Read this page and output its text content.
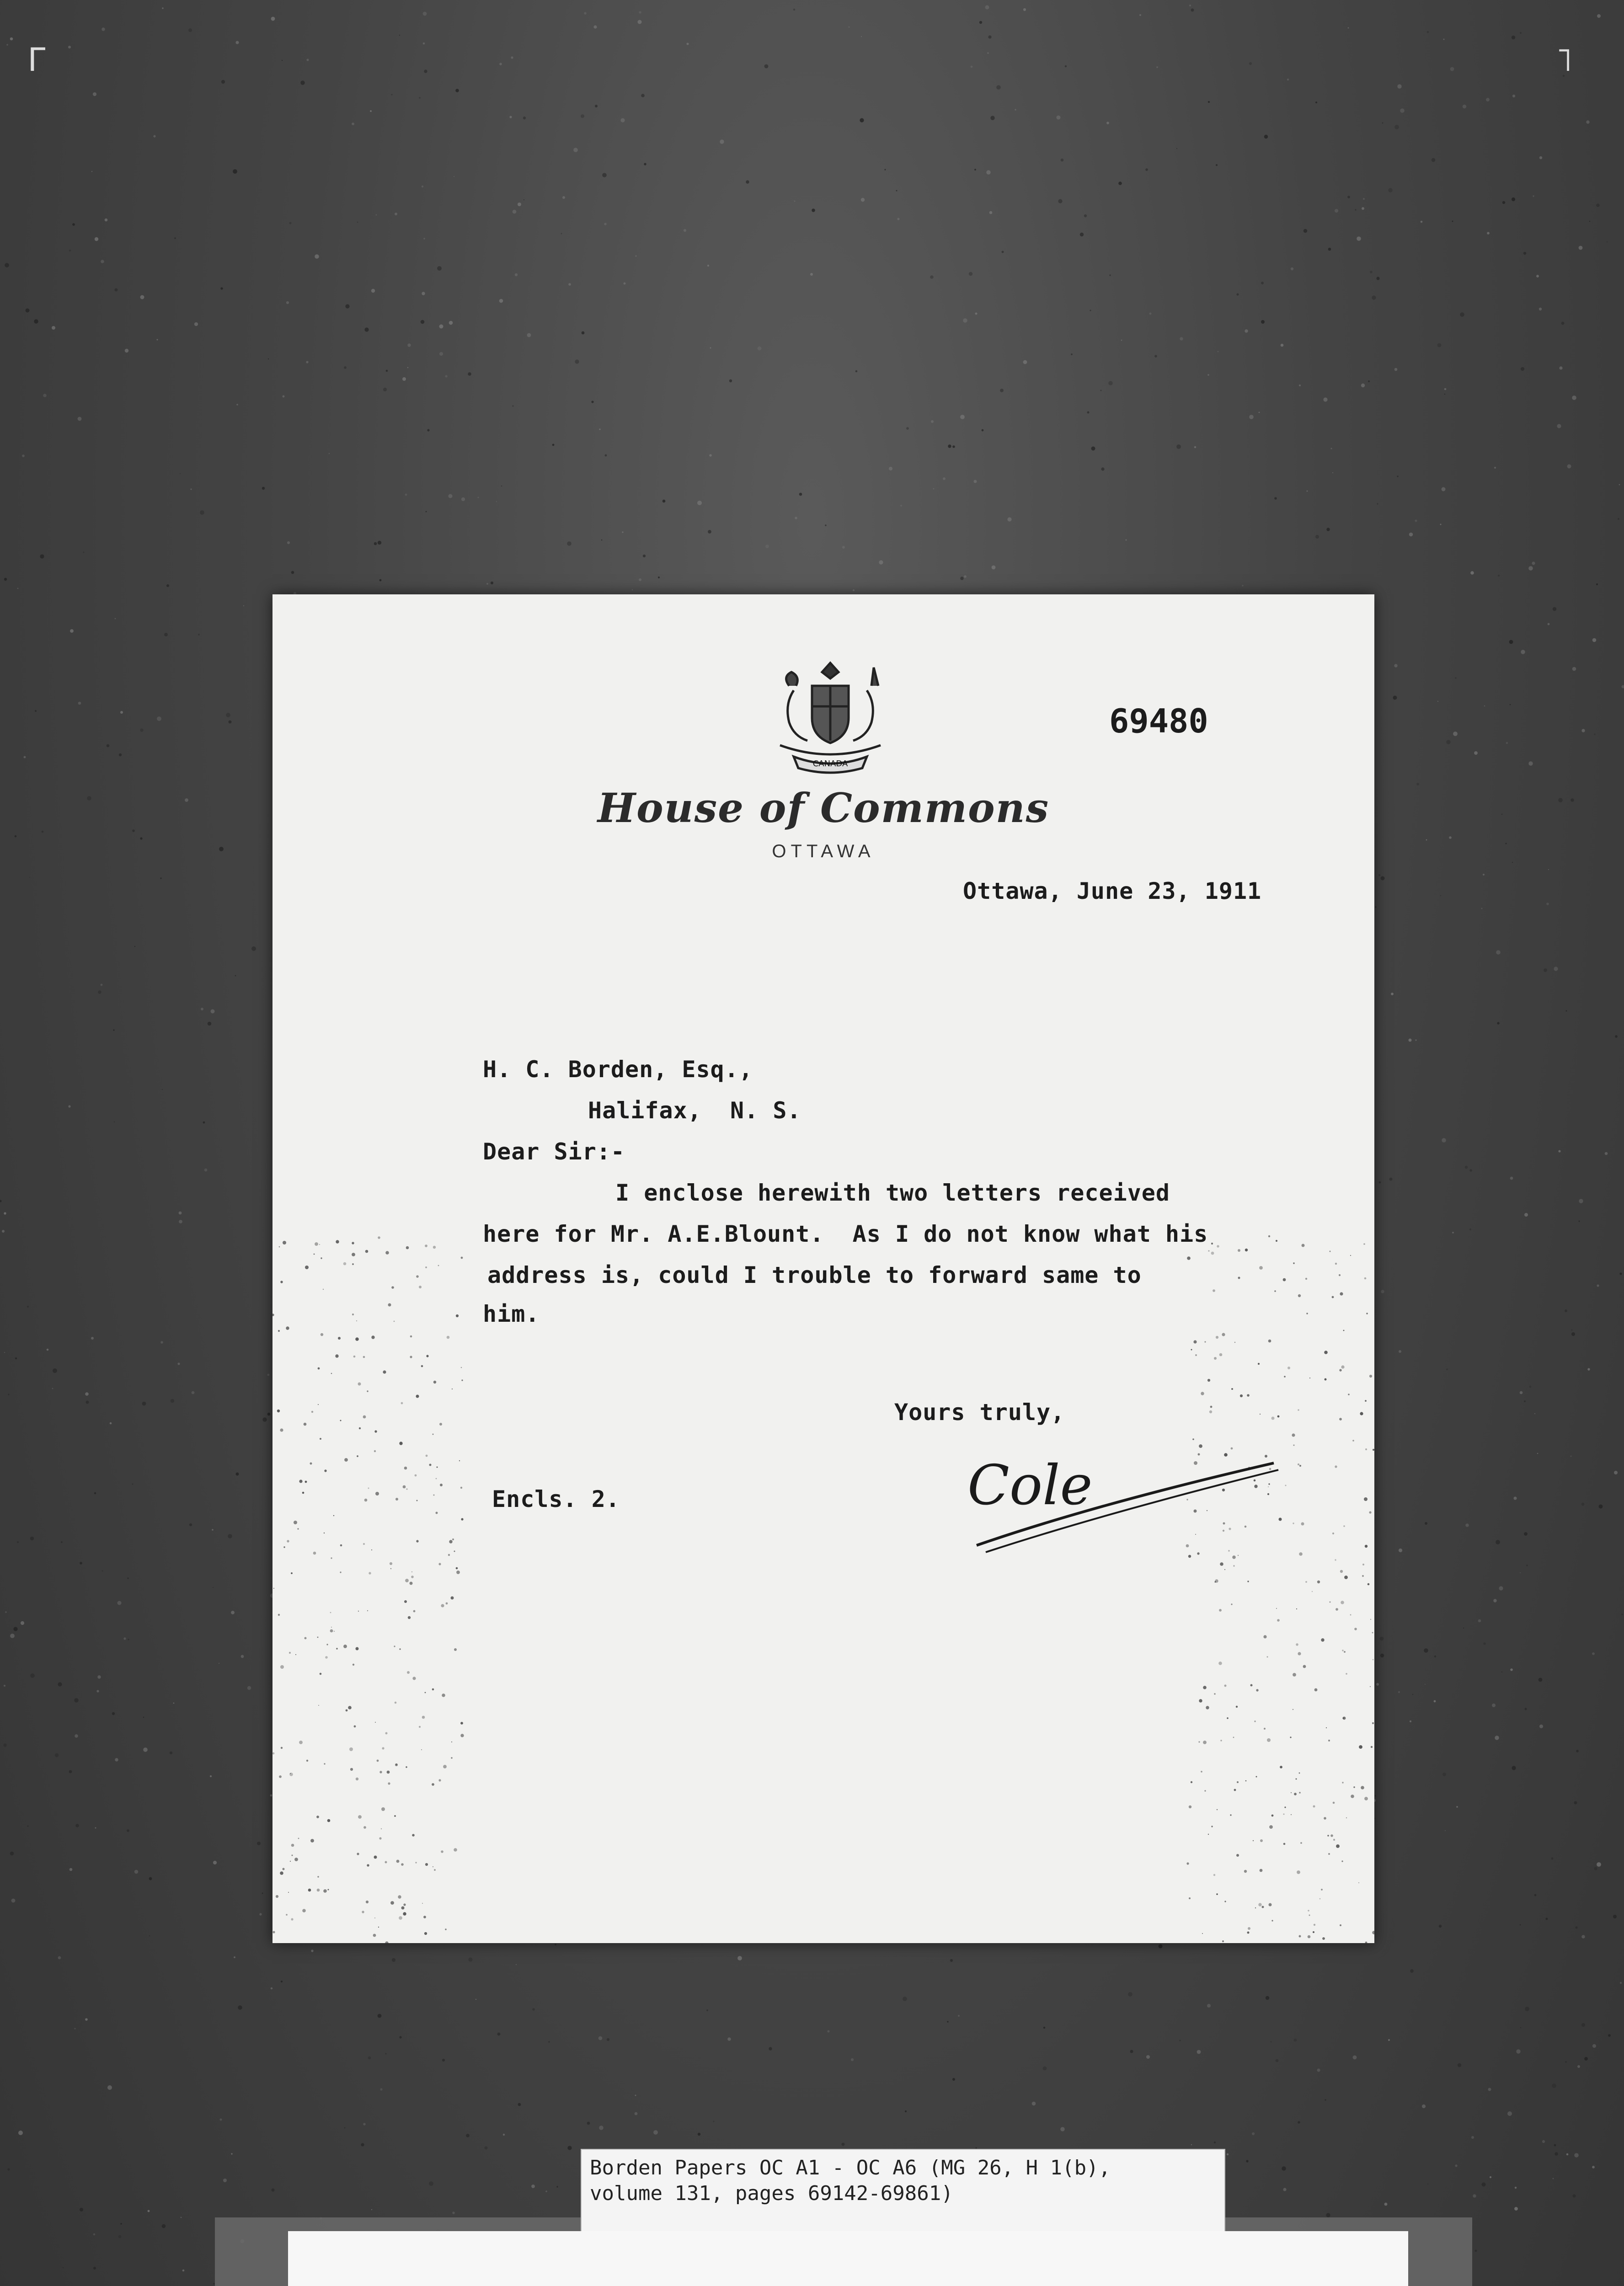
Γ	˥
CANADA
69480
House of Commons
OTTAWA
Ottawa, June 23, 1911
H. C. Borden, Esq.,
Halifax,  N. S.
Dear Sir:-
I enclose herewith two letters received
here for Mr. A.E.Blount.  As I do not know what his
address is, could I trouble to forward same to
him.
Yours truly,
Encls. 2.	Cole
Borden Papers OC A1 - OC A6 (MG 26, H 1(b),
volume 131, pages 69142-69861)
